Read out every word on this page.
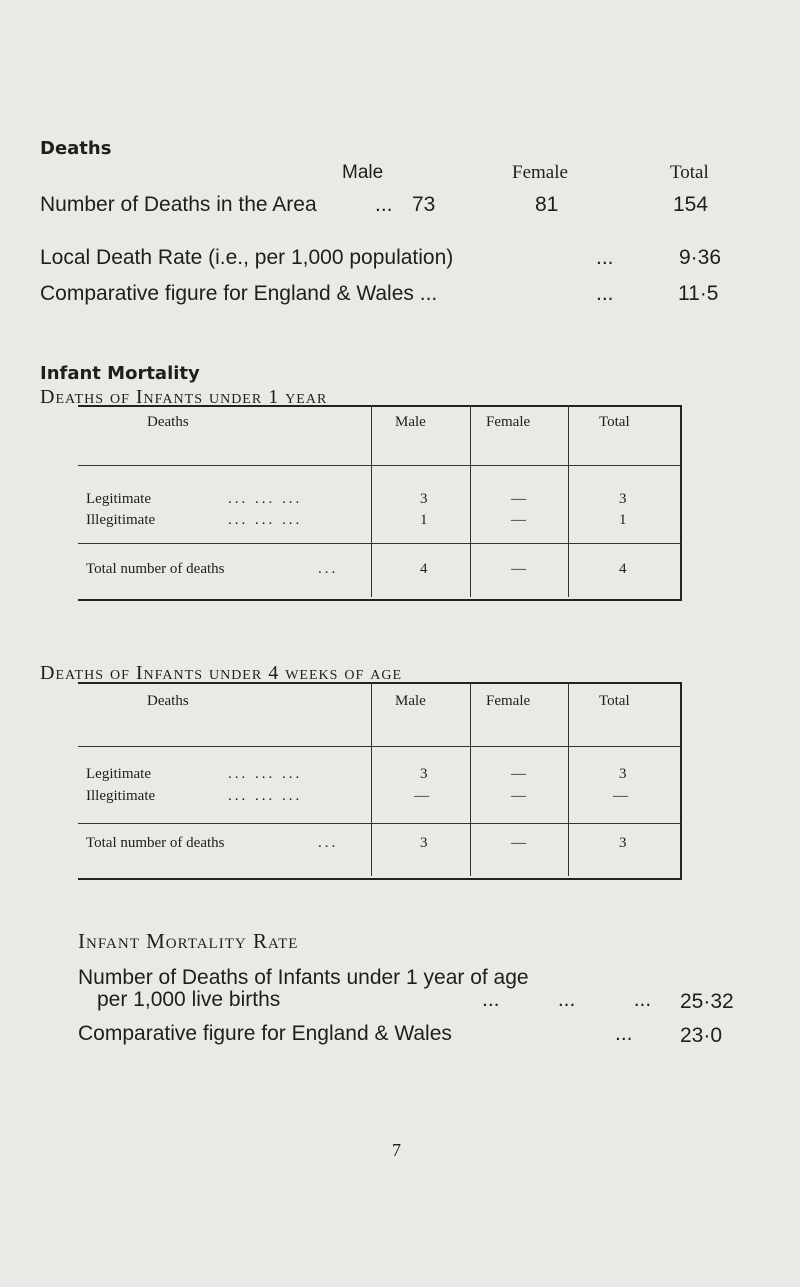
Deaths
Male	Female	Total
Number of Deaths in the Area	... 73	81	154
Local Death Rate (i.e., per 1,000 population)	...	9·36
Comparative figure for England & Wales ...	...	11·5
Infant Mortality
Deaths of Infants under 1 year
Deaths	Male	Female	Total
Legitimate	... ... ...	3	—	3
Illegitimate	... ... ...	1	—	1
Total number of deaths	...	4	—	4
Deaths of Infants under 4 weeks of age
Deaths	Male	Female	Total
Legitimate	... ... ...	3	—	3
Illegitimate	... ... ...	—	—	—
Total number of deaths	...	3	—	3
Infant Mortality Rate
Number of Deaths of Infants under 1 year of age
per 1,000 live births	...          ...          ... 25·32
Comparative figure for England & Wales	... 23·0
7
